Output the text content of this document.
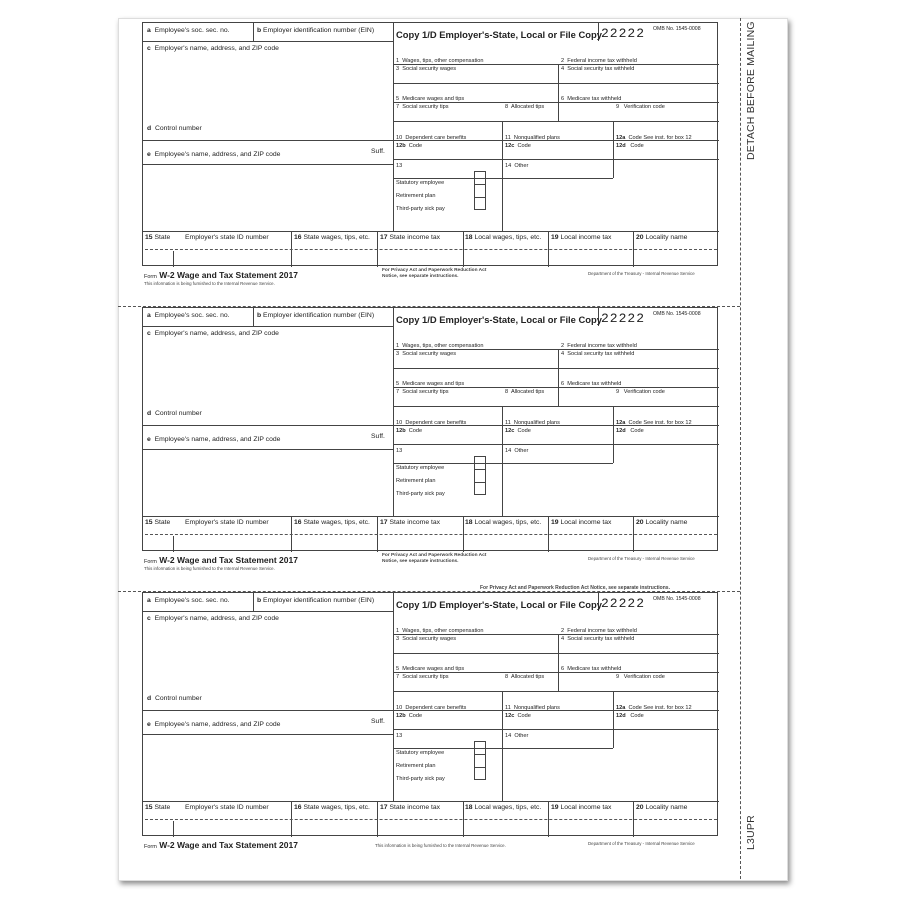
L3UPR
a Employee's soc. sec. no.	b Employer identification number (EIN) Copy 1/D Employer's-State, Local or File Copy 22222 OMB No. 1545-0008
c Employer's name, address, and ZIP code
1 Wages, tips, other compensation	2 Federal income tax withheld
3 Social security wages	4 Social security tax withheld
5 Medicare wages and tips	6 Medicare tax withheld
7 Social security tips	8 Allocated tips	9 Verification code
d Control number
10 Dependent care benefits	11 Nonqualified plans	12a Code See inst. for box 12
12b Code	12c Code	12d Code
e Employee's name, address, and ZIP code	Suff.
13
Statutory employee
Retirement plan
Third-party sick pay
14 Other
15 State Employer's state ID number	16 State wages, tips, etc. 17 State income tax	18 Local wages, tips, etc. 19 Local income tax	20 Locality name
Form W-2 Wage and Tax Statement 2017
This information is being furnished to the Internal Revenue Service.
For Privacy Act and Paperwork Reduction Act
Notice, see separate instructions.
Department of the Treasury - Internal Revenue Service
a Employee's soc. sec. no.	b Employer identification number (EIN) Copy 1/D Employer's-State, Local or File Copy 22222 OMB No. 1545-0008
c Employer's name, address, and ZIP code
1 Wages, tips, other compensation	2 Federal income tax withheld
3 Social security wages	4 Social security tax withheld
5 Medicare wages and tips	6 Medicare tax withheld
7 Social security tips	8 Allocated tips	9 Verification code
d Control number
10 Dependent care benefits	11 Nonqualified plans	12a Code See inst. for box 12
12b Code	12c Code	12d Code
e Employee's name, address, and ZIP code	Suff.
13
Statutory employee
Retirement plan
Third-party sick pay
14 Other
15 State Employer's state ID number	16 State wages, tips, etc. 17 State income tax	18 Local wages, tips, etc. 19 Local income tax	20 Locality name
Form W-2 Wage and Tax Statement 2017
This information is being furnished to the Internal Revenue Service.
For Privacy Act and Paperwork Reduction Act
Notice, see separate instructions.
Department of the Treasury - Internal Revenue Service
a Employee's soc. sec. no.	b Employer identification number (EIN) Copy 1/D Employer's-State, Local or File Copy 22222 OMB No. 1545-0008
c Employer's name, address, and ZIP code
1 Wages, tips, other compensation	2 Federal income tax withheld
3 Social security wages	4 Social security tax withheld
5 Medicare wages and tips	6 Medicare tax withheld
7 Social security tips	8 Allocated tips	9 Verification code
d Control number
10 Dependent care benefits	11 Nonqualified plans	12a Code See inst. for box 12
12b Code	12c Code	12d Code
e Employee's name, address, and ZIP code	Suff.
13
Statutory employee
Retirement plan
Third-party sick pay
14 Other
15 State Employer's state ID number	16 State wages, tips, etc. 17 State income tax	18 Local wages, tips, etc. 19 Local income tax	20 Locality name
Form W-2 Wage and Tax Statement 2017	This information is being furnished to the Internal Revenue Service.	Department of the Treasury - Internal Revenue Service
For Privacy Act and Paperwork Reduction Act Notice, see separate instructions.
